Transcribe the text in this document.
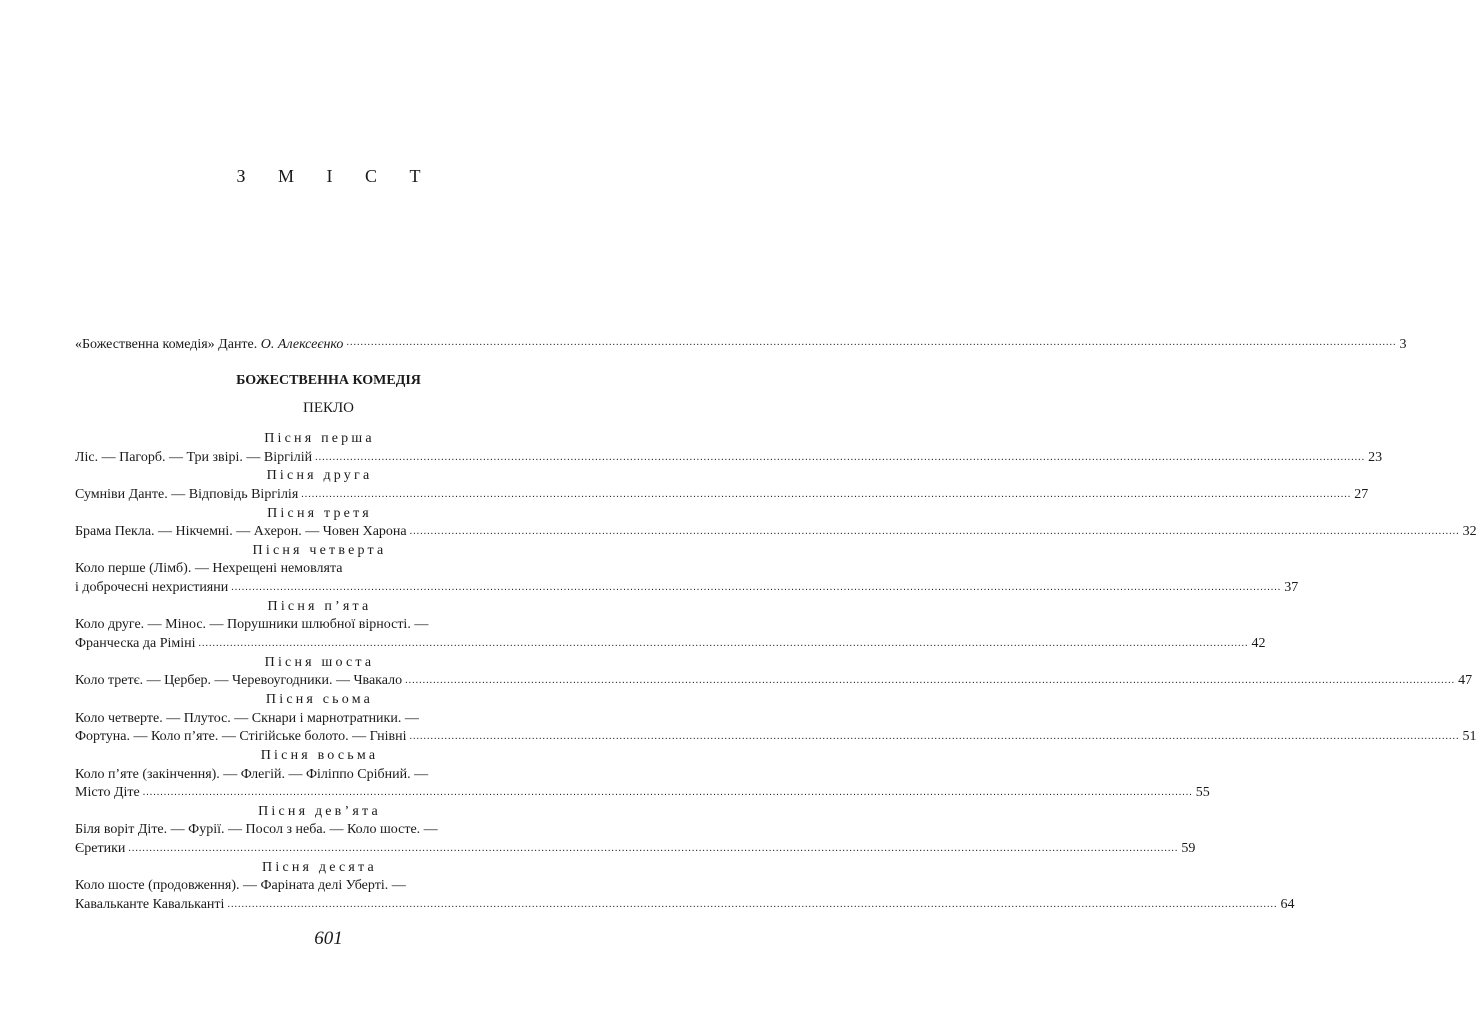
З М І С Т
«Божественна комедія» Данте. О. Алексеєнко ............................................................................................................................................................................................................................................................................................................ 3
БОЖЕСТВЕННА КОМЕДІЯ
ПЕКЛО
Пісня перша
Ліс. — Пагорб. — Три звірі. — Віргілій ............................................................................................................................................................................................................................................................................................................ 23
Пісня друга
Сумніви Данте. — Відповідь Віргілія ............................................................................................................................................................................................................................................................................................................ 27
Пісня третя
Брама Пекла. — Нікчемні. — Ахерон. — Човен Харона ............................................................................................................................................................................................................................................................................................................ 32
Пісня четверта
Коло перше (Лімб). — Нехрещені немовлята
і доброчесні нехристияни ............................................................................................................................................................................................................................................................................................................ 37
Пісня п’ята
Коло друге. — Мінос. — Порушники шлюбної вірності. —
Франческа да Ріміні ............................................................................................................................................................................................................................................................................................................ 42
Пісня шоста
Коло третє. — Цербер. — Черевоугодники. — Чвакало ............................................................................................................................................................................................................................................................................................................ 47
Пісня сьома
Коло четверте. — Плутос. — Скнари і марнотратники. —
Фортуна. — Коло п’яте. — Стігійське болото. — Гнівні ............................................................................................................................................................................................................................................................................................................ 51
Пісня восьма
Коло п’яте (закінчення). — Флегій. — Філіппо Срібний. —
Місто Діте ............................................................................................................................................................................................................................................................................................................ 55
Пісня дев’ята
Біля воріт Діте. — Фурії. — Посол з неба. — Коло шосте. —
Єретики ............................................................................................................................................................................................................................................................................................................ 59
Пісня десята
Коло шосте (продовження). — Фаріната делі Уберті. —
Кавальканте Кавальканті ............................................................................................................................................................................................................................................................................................................ 64
601
